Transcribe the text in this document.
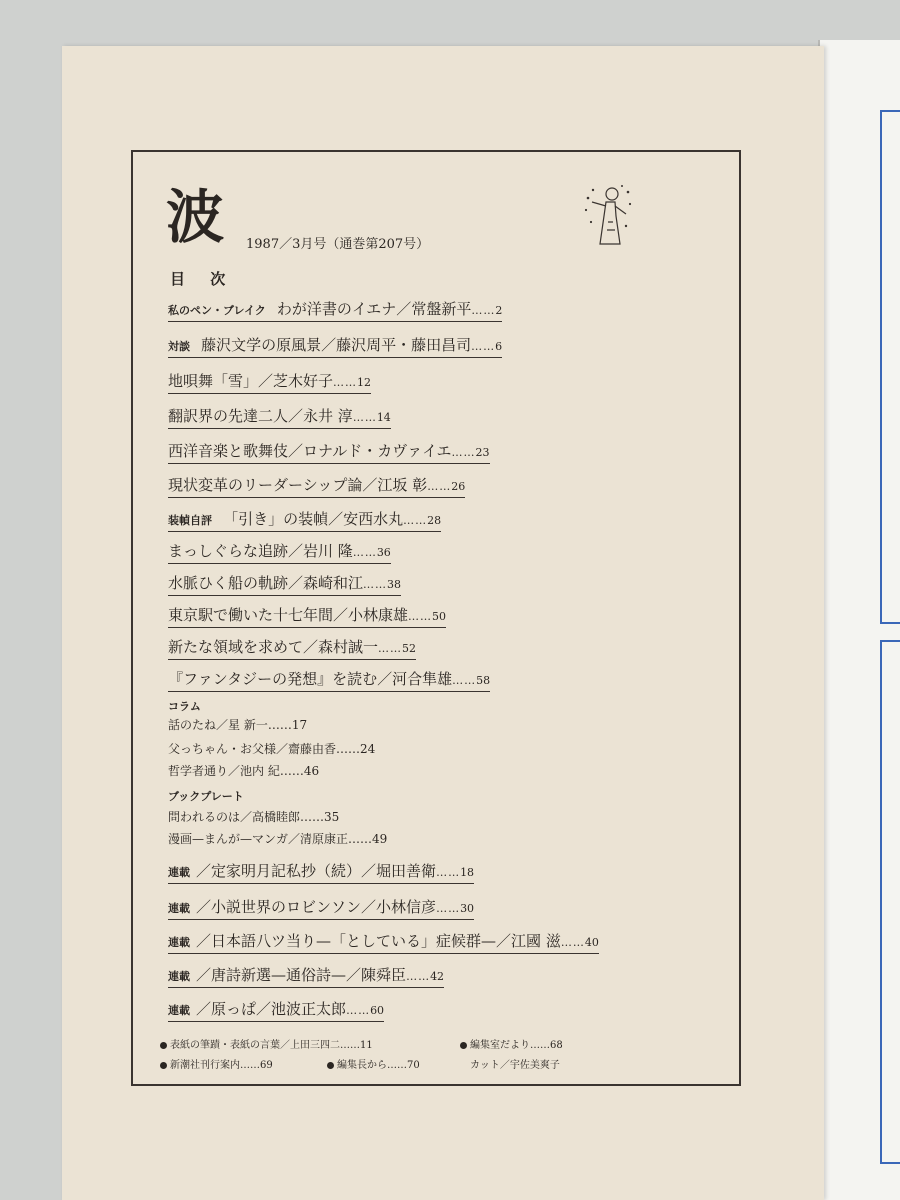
波 1987／3月号（通巻第207号）
目 次
私のペン・ブレイク わが洋書のイエナ／常盤新平……2
対談 藤沢文学の原風景／藤沢周平・藤田昌司……6
地唄舞「雪」／芝木好子……12
翻訳界の先達二人／永井 淳……14
西洋音楽と歌舞伎／ロナルド・カヴァイエ……23
現状変革のリーダーシップ論／江坂 彰……26
装幀自評 「引き」の装幀／安西水丸……28
まっしぐらな追跡／岩川 隆……36
水脈ひく船の軌跡／森崎和江……38
東京駅で働いた十七年間／小林康雄……50
新たな領域を求めて／森村誠一……52
『ファンタジーの発想』を読む／河合隼雄……58
コラム
話のたね／星 新一……17
父っちゃん・お父様／齋藤由香……24
哲学者通り／池内 紀……46
ブックプレート
問われるのは／高橋睦郎……35
漫画—まんが—マンガ／清原康正……49
連載 ／定家明月記私抄（続）／堀田善衛……18
連載 ／小説世界のロビンソン／小林信彦……30
連載 ／日本語八ツ当り—「としている」症候群—／江國 滋……40
連載 ／唐詩新選—通俗詩—／陳舜臣……42
連載 ／原っぱ／池波正太郎……60
表紙の筆蹟・表紙の言葉／上田三四二……11	編集室だより……68
新潮社刊行案内……69	編集長から……70	カット／宇佐美爽子
